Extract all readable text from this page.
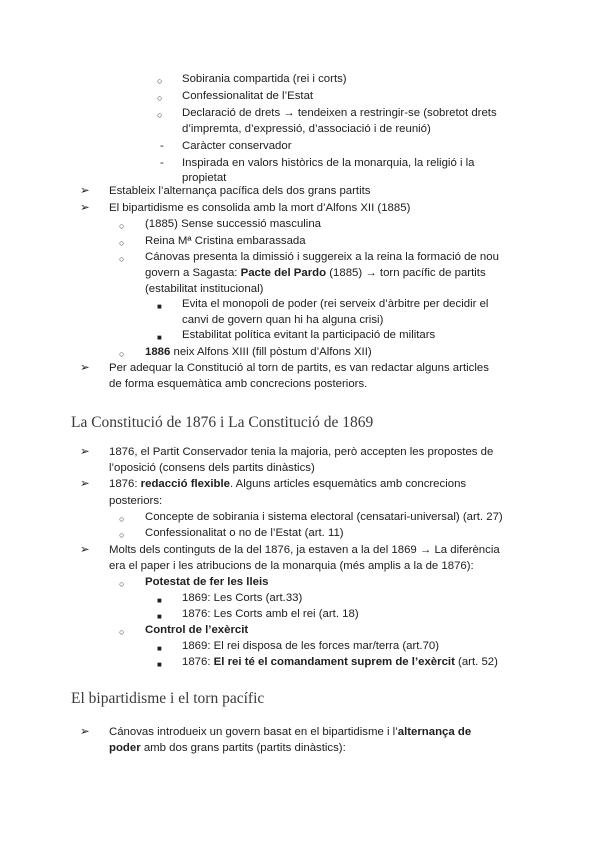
○ Sobirania compartida (rei i corts)
○ Confessionalitat de l’Estat
○ Declaració de drets → tendeixen a restringir-se (sobretot drets
d’impremta, d’expressió, d’associació i de reunió)
- Caràcter conservador
- Inspirada en valors històrics de la monarquia, la religió i la
propietat
➢ Estableix l’alternança pacífica dels dos grans partits
➢ El bipartidisme es consolida amb la mort d’Alfons XII (1885)
○ (1885) Sense successió masculina
○ Reina Mª Cristina embarassada
○ Cánovas presenta la dimissió i suggereix a la reina la formació de nou
govern a Sagasta: Pacte del Pardo (1885) → torn pacífic de partits
(estabilitat institucional)
■ Evita el monopoli de poder (rei serveix d’àrbitre per decidir el
canvi de govern quan hi ha alguna crisi)
■ Estabilitat política evitant la participació de militars
○ 1886 neix Alfons XIII (fill pòstum d’Alfons XII)
➢ Per adequar la Constitució al torn de partits, es van redactar alguns articles
de forma esquemàtica amb concrecions posteriors.
La Constitució de 1876 i La Constitució de 1869
➢ 1876, el Partit Conservador tenia la majoria, però accepten les propostes de
l’oposició (consens dels partits dinàstics)
➢ 1876: redacció flexible. Alguns articles esquemàtics amb concrecions
posteriors:
○ Concepte de sobirania i sistema electoral (censatari-universal) (art. 27)
○ Confessionalitat o no de l’Estat (art. 11)
➢ Molts dels continguts de la del 1876, ja estaven a la del 1869 → La diferència
era el paper i les atribucions de la monarquia (més amplis a la de 1876):
○ Potestat de fer les lleis
■ 1869: Les Corts (art.33)
■ 1876: Les Corts amb el rei (art. 18)
○ Control de l’exèrcit
■ 1869: El rei disposa de les forces mar/terra (art.70)
■ 1876: El rei té el comandament suprem de l’exèrcit (art. 52)
El bipartidisme i el torn pacífic
➢ Cánovas introdueix un govern basat en el bipartidisme i l’alternança de
poder amb dos grans partits (partits dinàstics):
